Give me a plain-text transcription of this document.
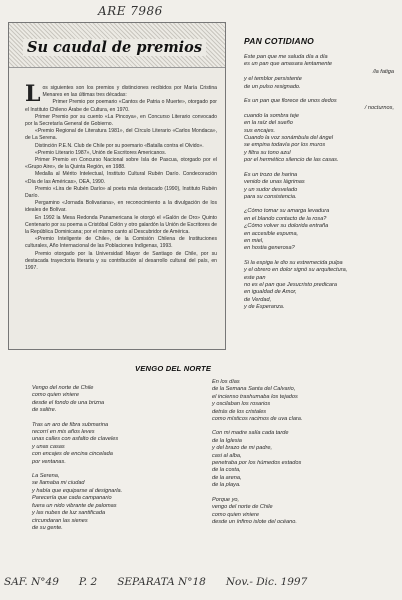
ARE 7986
Su caudal de premios

Los siguientes son los premios y distinciones recibidos por María Cristina Menares en las últimas tres décadas:

Primer Premio por poemario «Cantos de Patria o Muerte», otorgado por el Instituto Chileno Árabe de Cultura, en 1970.

Primer Premio por su cuento «La Pincoya», en Concurso Literario convocado por la Secretaría General de Gobierno.

«Premio Regional de Literatura 1981», del Círculo Literario «Carlos Mondaca», de La Serena.

Distinción P.E.N. Club de Chile por su poemario «Batalla contra el Olvido».

«Premio Literario 1987», Unión de Escritores Americanos.

Primer Premio en Concurso Nacional sobre Isla de Pascua, otorgado por el «Grupo Aire», de la Quinta Región, en 1988.

Medalla al Mérito Intelectual, Instituto Cultural Rubén Darío. Condecoración «Día de las Américas», OEA, 1990.

Premio «Lira de Rubén Darío» al poeta más destacado (1990), Instituto Rubén Darío.

Pergamino «Jornada Bolivariana», en reconocimiento a la divulgación de los ideales de Bolívar.

En 1992 la Mesa Redonda Panamericana le otorgó el «Galón de Oro» Quinto Centenario por su poema a Cristóbal Colón y otro galardón la Unión de Escritores de la República Dominicana; por el mismo canto al Descubridor de América.

«Premio Inteligente de Chile», de la Comisión Chilena de Instituciones culturales, Año Internacional de las Poblaciones Indígenas, 1993.

Premio otorgado por la Universidad Mayor de Santiago de Chile, por su destacada trayectoria literaria y su contribución al desarrollo cultural del país, en 1997.

PAN COTIDIANO
Este pan que me saluda día a día
es un pan que amasara lentamente
/la fatiga
y el temblor persistente
de un pulso resignado.
Es un pan que florece de unos dedos
/ nocturnos,
cuando la sombra teje
en la raíz del sueño
sus encajes.
Cuando la voz sonámbula del ángel
se empina todavía por los muros
y filtra su tono azul
por el hermético silencio de las casas.
Es un trozo de harina
venido de unas lágrimas
y un sudor desvelado
para su consistencia.
¿Cómo tomar su amarga levadura
en el blando contacto de la rosa?
¿Cómo volver su dolorida entraña
en accesible espuma,
en miel,
en hostia generosa?
Si la espiga le dio su estremecida pulpa
y el obrero en dolor signó su arquitectura,
este pan
no es el pan que Jesucristo predicara
en igualdad de Amor,
de Verdad,
y de Esperanza.
VENGO DEL NORTE
Vengo del norte de Chile
como quien viniere
desde el fondo de una brizna
de salitre.
Tras un aro de fibra submarina
recorrí en mis años leves
unas calles con asfalto de claveles
y unas casas
con encajes de encina cincelada
por ventanas.
La Serena,
se llamaba mi ciudad
y había que equiparse al designarla.
Parecería que cada campanario
fuera un nido vibrante de palomas
y las nubes de luz santificada
circundaran las sienes
de su gente.
En los días
de la Semana Santa del Calvario,
el incienso trashumaba los tejados
y oscilaban los rosarios
detrás de los cristales
como místicos racimos de uva clara.
Con mi madre salía cada tarde
de la Iglesia
y del brazo de mi padre,
casi al alba,
penetraba por los húmedos estados
de la costa,
de la arena,
de la playa.
Porque yo,
vengo del norte de Chile
como quien viniere
desde un ínfimo islote del océano.
SAF. N°49 P. 2 SEPARATA N°18 Nov.- Dic. 1997
